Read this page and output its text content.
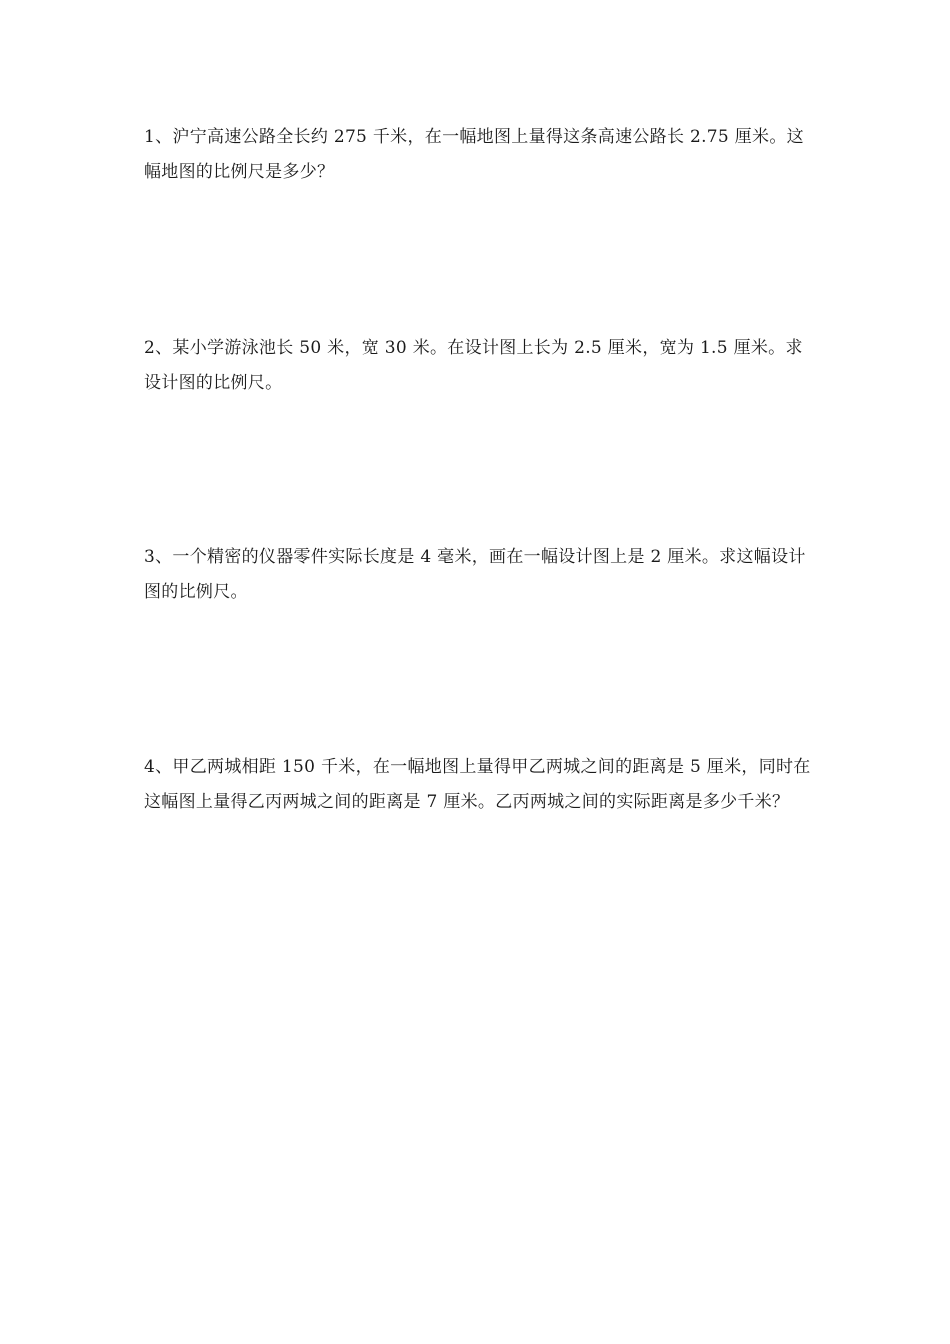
1、沪宁高速公路全长约 275 千米，在一幅地图上量得这条高速公路长 2.75 厘米。这幅地图的比例尺是多少？

2、某小学游泳池长 50 米，宽 30 米。在设计图上长为 2.5 厘米，宽为 1.5 厘米。求设计图的比例尺。

3、一个精密的仪器零件实际长度是 4 毫米，画在一幅设计图上是 2 厘米。求这幅设计图的比例尺。

4、甲乙两城相距 150 千米，在一幅地图上量得甲乙两城之间的距离是 5 厘米，同时在这幅图上量得乙丙两城之间的距离是 7 厘米。乙丙两城之间的实际距离是多少千米？
